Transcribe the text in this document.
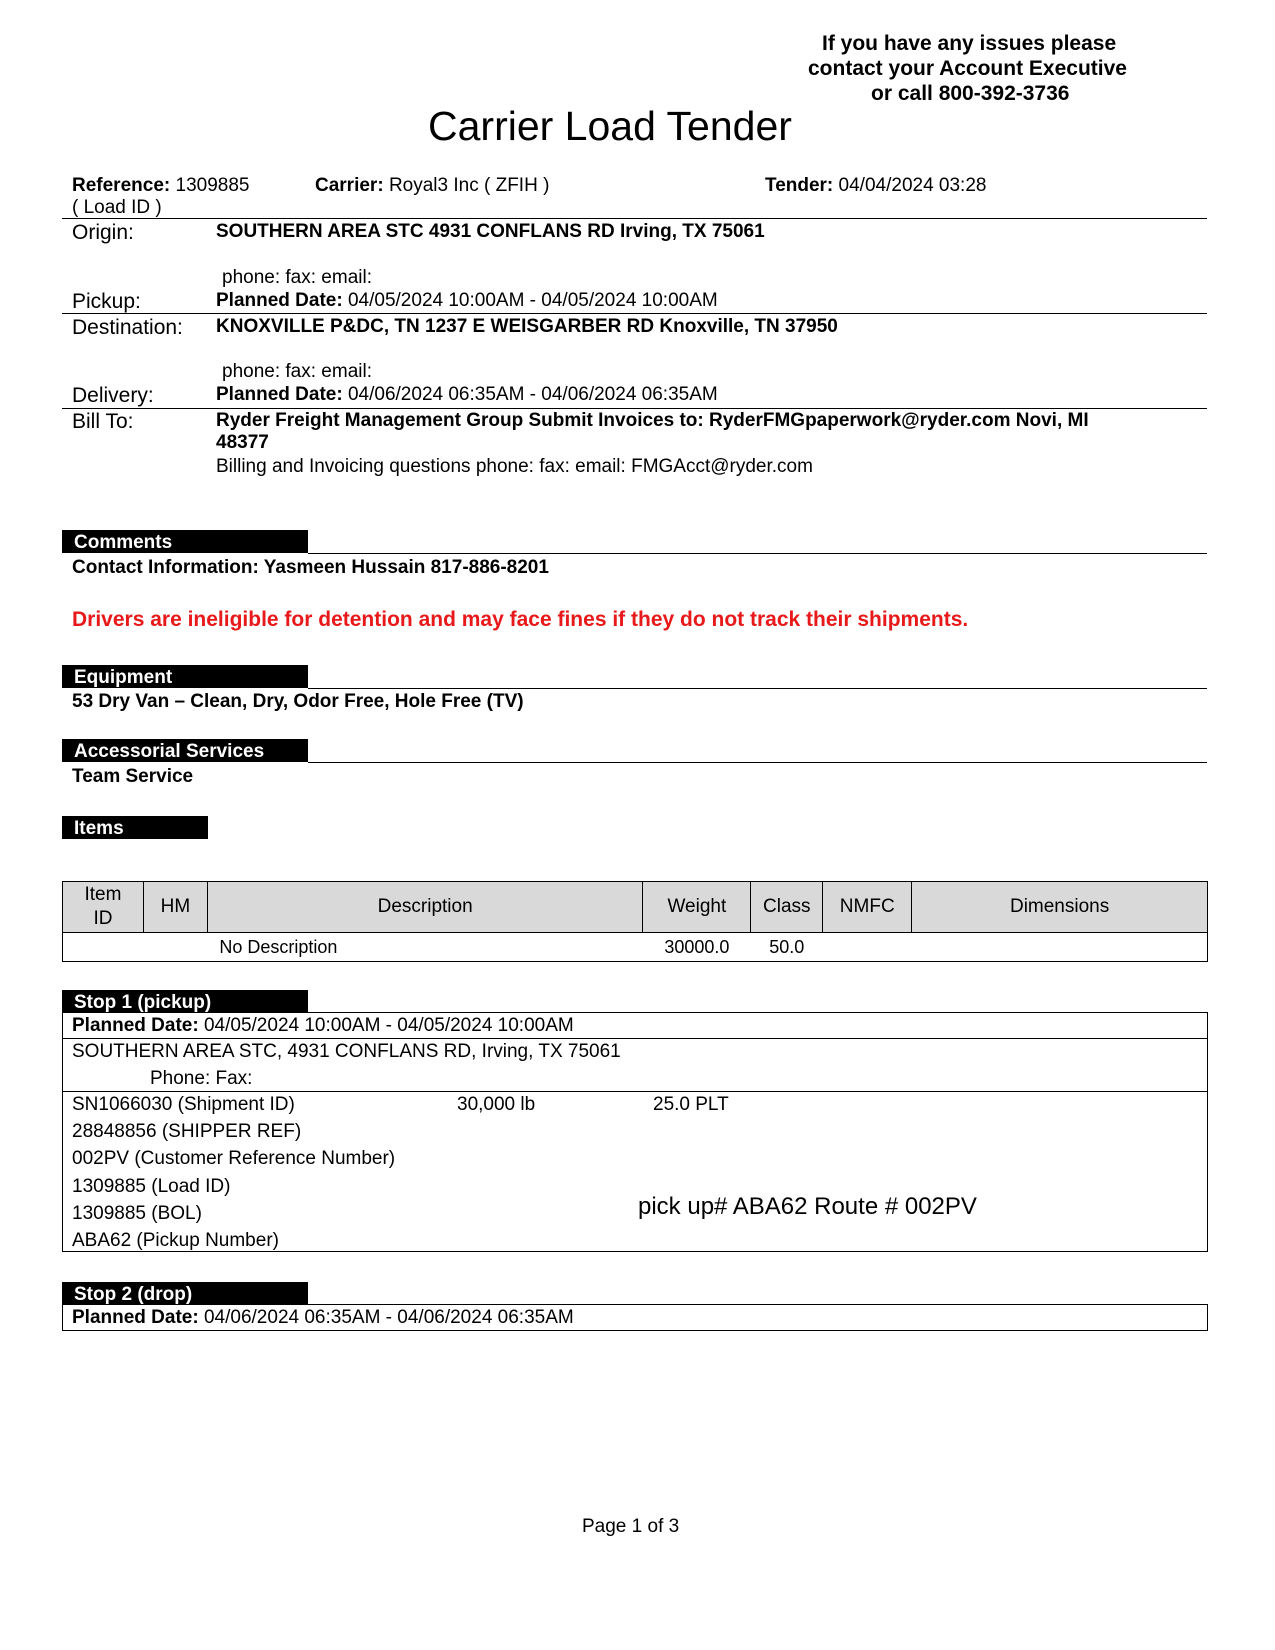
If you have any issues please
contact your Account Executive
or call 800-392-3736
Carrier Load Tender
Reference: 1309885
( Load ID )
Carrier: Royal3 Inc ( ZFIH )	Tender: 04/04/2024 03:28
Origin:	SOUTHERN AREA STC 4931 CONFLANS RD Irving, TX 75061
phone: fax: email:
Pickup:	Planned Date: 04/05/2024 10:00AM - 04/05/2024 10:00AM
Destination: KNOXVILLE P&DC, TN 1237 E WEISGARBER RD Knoxville, TN 37950
phone: fax: email:
Delivery:	Planned Date: 04/06/2024 06:35AM - 04/06/2024 06:35AM
Bill To:	Ryder Freight Management Group Submit Invoices to: RyderFMGpaperwork@ryder.com Novi, MI
48377
Billing and Invoicing questions phone: fax: email: FMGAcct@ryder.com
Comments
Contact Information: Yasmeen Hussain 817-886-8201
Drivers are ineligible for detention and may face fines if they do not track their shipments.
Equipment
53 Dry Van – Clean, Dry, Odor Free, Hole Free (TV)
Accessorial Services
Team Service
Items
Item
ID	HM	Description	Weight	Class	NMFC	Dimensions
		No Description	30000.0	50.0		
Stop 1 (pickup)
Planned Date: 04/05/2024 10:00AM - 04/05/2024 10:00AM
SOUTHERN AREA STC, 4931 CONFLANS RD, Irving, TX 75061
Phone: Fax:
SN1066030 (Shipment ID)
28848856 (SHIPPER REF)
002PV (Customer Reference Number)
1309885 (Load ID)
1309885 (BOL)
ABA62 (Pickup Number)
30,000 lb	25.0 PLT
pick up# ABA62 Route # 002PV
Stop 2 (drop)
Planned Date: 04/06/2024 06:35AM - 04/06/2024 06:35AM
Page 1 of 3
